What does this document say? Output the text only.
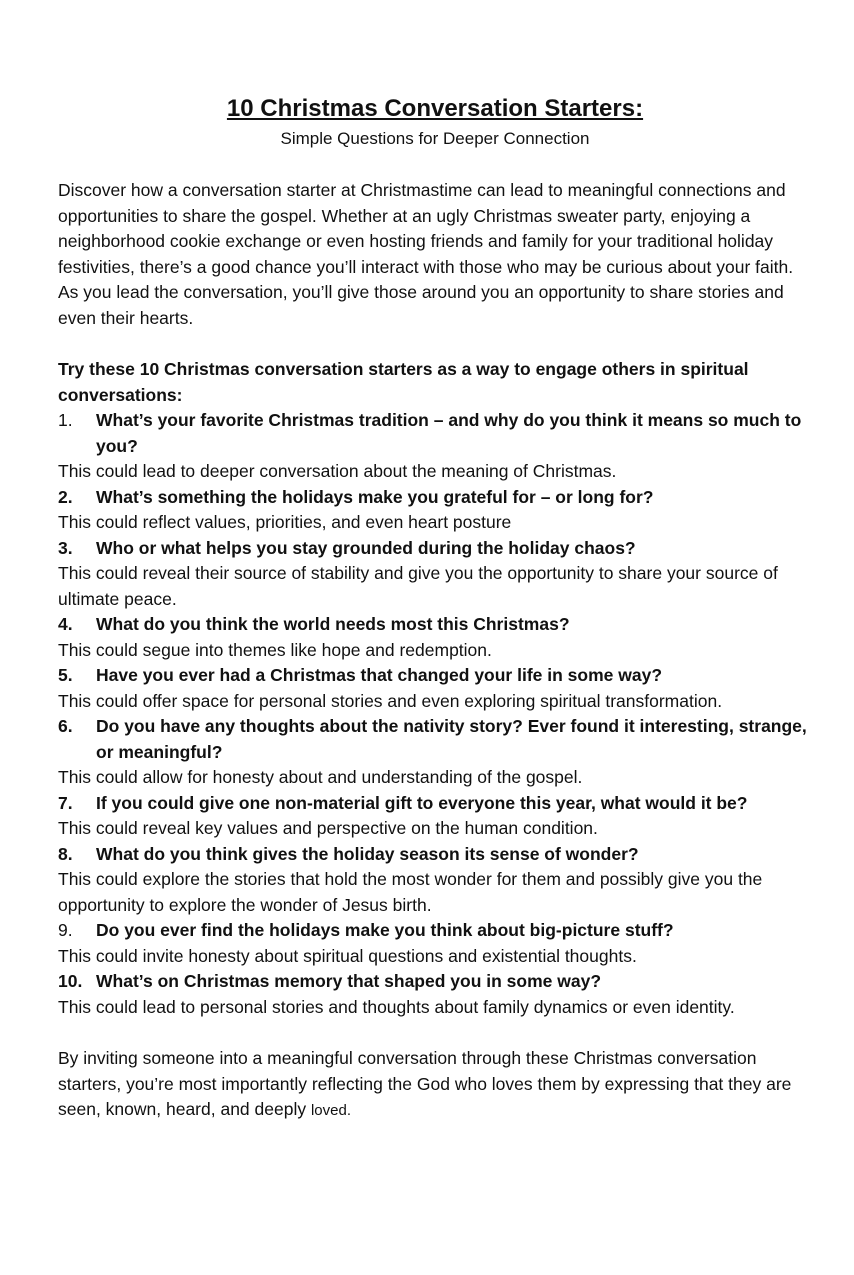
10 Christmas Conversation Starters:

Simple Questions for Deeper Connection

Discover how a conversation starter at Christmastime can lead to meaningful connections and opportunities to share the gospel. Whether at an ugly Christmas sweater party, enjoying a neighborhood cookie exchange or even hosting friends and family for your traditional holiday festivities, there’s a good chance you’ll interact with those who may be curious about your faith. As you lead the conversation, you’ll give those around you an opportunity to share stories and even their hearts.

Try these 10 Christmas conversation starters as a way to engage others in spiritual conversations:

1.	What’s your favorite Christmas tradition – and why do you think it means so much to you?

This could lead to deeper conversation about the meaning of Christmas.

2.	What’s something the holidays make you grateful for – or long for?

This could reflect values, priorities, and even heart posture

3.	Who or what helps you stay grounded during the holiday chaos?

This could reveal their source of stability and give you the opportunity to share your source of ultimate peace.

4.	What do you think the world needs most this Christmas?

This could segue into themes like hope and redemption.

5.	Have you ever had a Christmas that changed your life in some way?

This could offer space for personal stories and even exploring spiritual transformation.

6.	Do you have any thoughts about the nativity story? Ever found it interesting, strange, or meaningful?

This could allow for honesty about and understanding of the gospel.

7.	If you could give one non-material gift to everyone this year, what would it be?

This could reveal key values and perspective on the human condition.

8.	What do you think gives the holiday season its sense of wonder?

This could explore the stories that hold the most wonder for them and possibly give you the opportunity to explore the wonder of Jesus birth.

9.	Do you ever find the holidays make you think about big-picture stuff?

This could invite honesty about spiritual questions and existential thoughts.

10. What’s on Christmas memory that shaped you in some way?

This could lead to personal stories and thoughts about family dynamics or even identity.

By inviting someone into a meaningful conversation through these Christmas conversation starters, you’re most importantly reflecting the God who loves them by expressing that they are seen, known, heard, and deeply loved.
